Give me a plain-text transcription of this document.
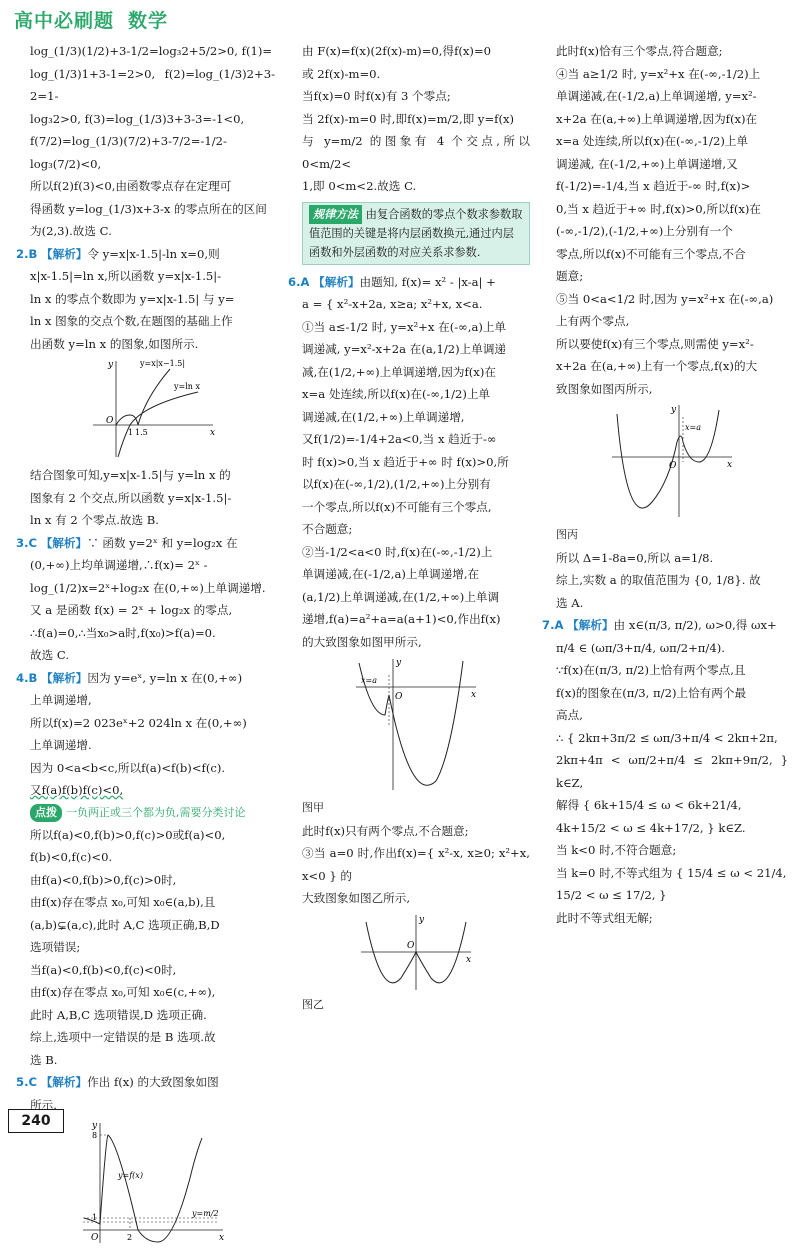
高中必刷题 数学

log_(1/3)(1/2)+3-1/2=log₃2+5/2>0, f(1)=

log_(1/3)1+3-1=2>0, f(2)=log_(1/3)2+3-2=1-

log₃2>0, f(3)=log_(1/3)3+3-3=-1<0,

f(7/2)=log_(1/3)(7/2)+3-7/2=-1/2-log₃(7/2)<0,

所以f(2)f(3)<0,由函数零点存在定理可

得函数 y=log_(1/3)x+3-x 的零点所在的区间

为(2,3).故选 C.

2.B 【解析】令 y=x|x-1.5|-ln x=0,则

x|x-1.5|=ln x,所以函数 y=x|x-1.5|-

ln x 的零点个数即为 y=x|x-1.5| 与 y=

ln x 图象的交点个数,在题图的基础上作

出函数 y=ln x 的图象,如图所示.

x
y
O
1 1.5
y=x|x−1.5|
y=ln x

结合图象可知,y=x|x-1.5|与 y=ln x 的

图象有 2 个交点,所以函数 y=x|x-1.5|-

ln x 有 2 个零点.故选 B.

3.C 【解析】∵ 函数 y=2ˣ 和 y=log₂x 在

(0,+∞)上均单调递增,∴f(x)= 2ˣ -

log_(1/2)x=2ˣ+log₂x 在(0,+∞)上单调递增.

又 a 是函数 f(x) = 2ˣ + log₂x 的零点,

∴f(a)=0,∴当x₀>a时,f(x₀)>f(a)=0.

故选 C.

4.B 【解析】因为 y=eˣ, y=ln x 在(0,+∞)

上单调递增,

所以f(x)=2 023eˣ+2 024ln x 在(0,+∞)

上单调递增.

因为 0<a<b<c,所以f(a)<f(b)<f(c).

又f(a)f(b)f(c)<0,

点拨 一负两正或三个都为负,需要分类讨论

所以f(a)<0,f(b)>0,f(c)>0或f(a)<0,

f(b)<0,f(c)<0.

由f(a)<0,f(b)>0,f(c)>0时,

由f(x)存在零点 x₀,可知 x₀∈(a,b),且

(a,b)⊊(a,c),此时 A,C 选项正确,B,D

选项错误;

当f(a)<0,f(b)<0,f(c)<0时,

由f(x)存在零点 x₀,可知 x₀∈(c,+∞),

此时 A,B,C 选项错误,D 选项正确.

综上,选项中一定错误的是 B 选项.故

选 B.

5.C 【解析】作出 f(x) 的大致图象如图

所示.

x
y
O
8
1
2
y=f(x)
y=m/2

由 F(x)=f(x)(2f(x)-m)=0,得f(x)=0

或 2f(x)-m=0.

当f(x)=0 时f(x)有 3 个零点;

当 2f(x)-m=0 时,即f(x)=m/2,即 y=f(x)

与 y=m/2 的图象有 4 个交点,所以 0<m/2<

1,即 0<m<2.故选 C.

规律方法 由复合函数的零点个数求参数取值范围的关键是将内层函数换元,通过内层函数和外层函数的对应关系求参数.

6.A 【解析】由题知, f(x)= x² - |x-a| +

a = { x²-x+2a, x≥a; x²+x, x<a.

①当 a≤-1/2 时, y=x²+x 在(-∞,a)上单

调递减, y=x²-x+2a 在(a,1/2)上单调递

减,在(1/2,+∞)上单调递增,因为f(x)在

x=a 处连续,所以f(x)在(-∞,1/2)上单

调递减,在(1/2,+∞)上单调递增,

又f(1/2)=-1/4+2a<0,当 x 趋近于-∞

时 f(x)>0,当 x 趋近于+∞ 时 f(x)>0,所

以f(x)在(-∞,1/2),(1/2,+∞)上分别有

一个零点,所以f(x)不可能有三个零点,

不合题意;

②当-1/2<a<0 时,f(x)在(-∞,-1/2)上

单调递减,在(-1/2,a)上单调递增,在

(a,1/2)上单调递减,在(1/2,+∞)上单调

递增,f(a)=a²+a=a(a+1)<0,作出f(x)

的大致图象如图甲所示,

x
y
O
x=a

图甲

此时f(x)只有两个零点,不合题意;

③当 a=0 时,作出f(x)={ x²-x, x≥0; x²+x, x<0 } 的

大致图象如图乙所示,

x
y
O

图乙

此时f(x)恰有三个零点,符合题意;

④当 a≥1/2 时, y=x²+x 在(-∞,-1/2)上

单调递减,在(-1/2,a)上单调递增, y=x²-

x+2a 在(a,+∞)上单调递增,因为f(x)在

x=a 处连续,所以f(x)在(-∞,-1/2)上单

调递减, 在(-1/2,+∞)上单调递增,又

f(-1/2)=-1/4,当 x 趋近于-∞ 时,f(x)>

0,当 x 趋近于+∞ 时,f(x)>0,所以f(x)在

(-∞,-1/2),(-1/2,+∞)上分别有一个

零点,所以f(x)不可能有三个零点,不合

题意;

⑤当 0<a<1/2 时,因为 y=x²+x 在(-∞,a)

上有两个零点,

所以要使f(x)有三个零点,则需使 y=x²-

x+2a 在(a,+∞)上有一个零点,f(x)的大

致图象如图丙所示,

x
y
O
x=a

图丙

所以 Δ=1-8a=0,所以 a=1/8.

综上,实数 a 的取值范围为 {0, 1/8}. 故

选 A.

7.A 【解析】由 x∈(π/3, π/2), ω>0,得 ωx+

π/4 ∈ (ωπ/3+π/4, ωπ/2+π/4).

∵f(x)在(π/3, π/2)上恰有两个零点,且

f(x)的图象在(π/3, π/2)上恰有两个最

高点,

∴ { 2kπ+3π/2 ≤ ωπ/3+π/4 < 2kπ+2π,

2kπ+4π < ωπ/2+π/4 ≤ 2kπ+9π/2, } k∈Z,

解得 { 6k+15/4 ≤ ω < 6k+21/4,

4k+15/2 < ω ≤ 4k+17/2, } k∈Z.

当 k<0 时,不符合题意;

当 k=0 时,不等式组为 { 15/4 ≤ ω < 21/4,

15/2 < ω ≤ 17/2, }

此时不等式组无解;

240
